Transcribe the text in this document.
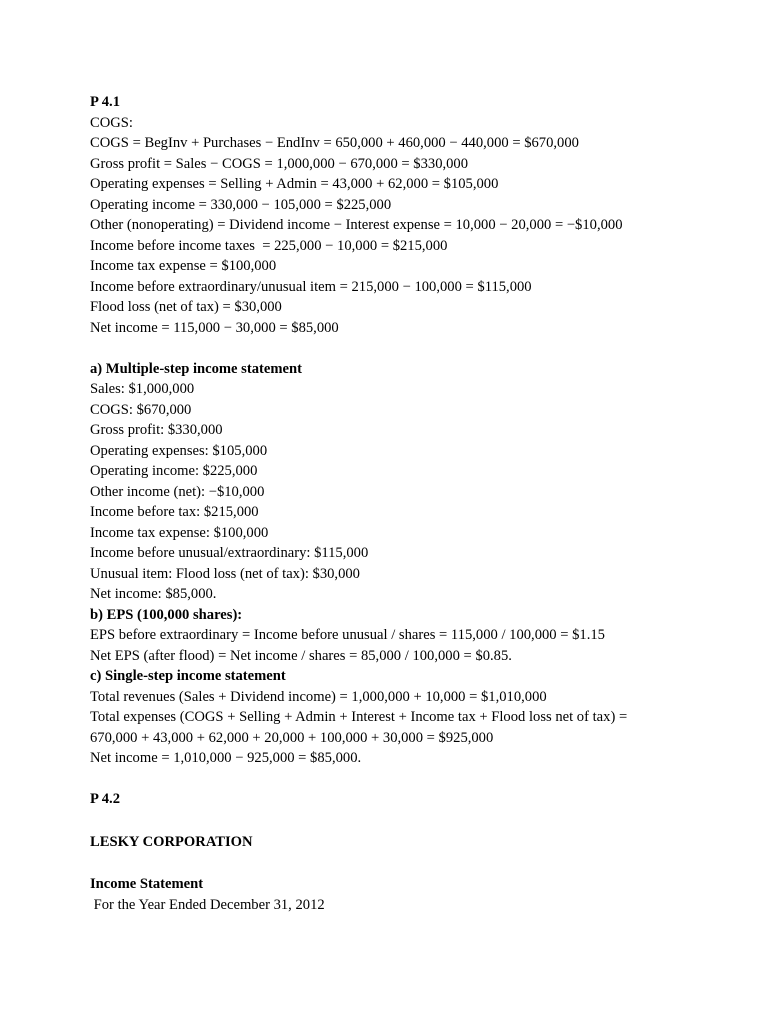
P 4.1
COGS:
COGS = BegInv + Purchases − EndInv = 650,000 + 460,000 − 440,000 = $670,000
Gross profit = Sales − COGS = 1,000,000 − 670,000 = $330,000
Operating expenses = Selling + Admin = 43,000 + 62,000 = $105,000
Operating income = 330,000 − 105,000 = $225,000
Other (nonoperating) = Dividend income − Interest expense = 10,000 − 20,000 = −$10,000
Income before income taxes  = 225,000 − 10,000 = $215,000
Income tax expense = $100,000
Income before extraordinary/unusual item = 215,000 − 100,000 = $115,000
Flood loss (net of tax) = $30,000
Net income = 115,000 − 30,000 = $85,000
a) Multiple-step income statement
Sales: $1,000,000
COGS: $670,000
Gross profit: $330,000
Operating expenses: $105,000
Operating income: $225,000
Other income (net): −$10,000
Income before tax: $215,000
Income tax expense: $100,000
Income before unusual/extraordinary: $115,000
Unusual item: Flood loss (net of tax): $30,000
Net income: $85,000.
b) EPS (100,000 shares):
EPS before extraordinary = Income before unusual / shares = 115,000 / 100,000 = $1.15
Net EPS (after flood) = Net income / shares = 85,000 / 100,000 = $0.85.
c) Single-step income statement
Total revenues (Sales + Dividend income) = 1,000,000 + 10,000 = $1,010,000
Total expenses (COGS + Selling + Admin + Interest + Income tax + Flood loss net of tax) =
670,000 + 43,000 + 62,000 + 20,000 + 100,000 + 30,000 = $925,000
Net income = 1,010,000 − 925,000 = $85,000.
P 4.2
LESKY CORPORATION
Income Statement
For the Year Ended December 31, 2012
